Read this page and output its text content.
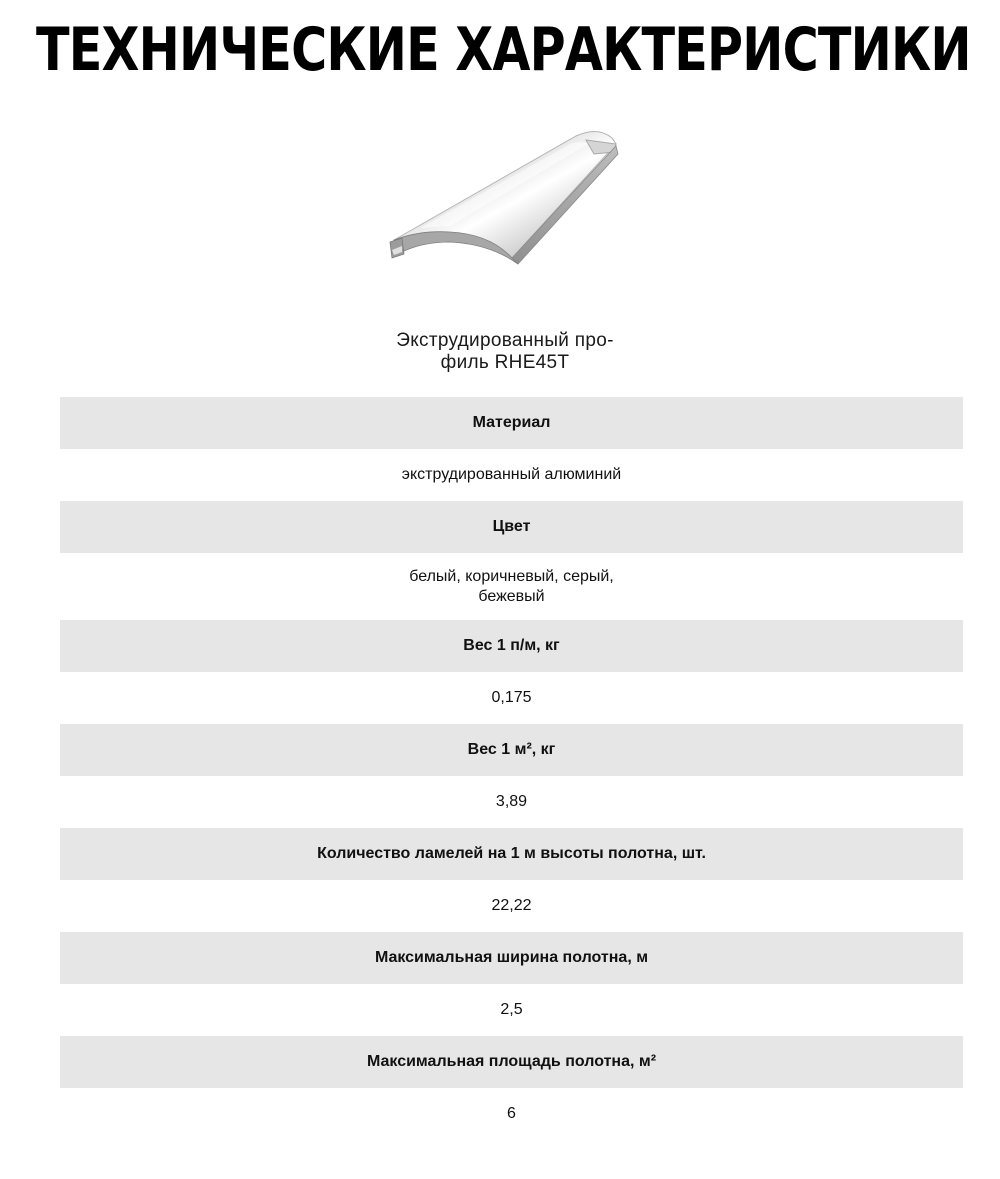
ТЕХНИЧЕСКИЕ ХАРАКТЕРИСТИКИ
Экструдированный про-
филь RHE45T
Материал
экструдированный алюминий
Цвет
белый, коричневый, серый,
бежевый
Вес 1 п/м, кг
0,175
Вес 1 м², кг
3,89
Количество ламелей на 1 м высоты полотна, шт.
22,22
Максимальная ширина полотна, м
2,5
Максимальная площадь полотна, м²
6
